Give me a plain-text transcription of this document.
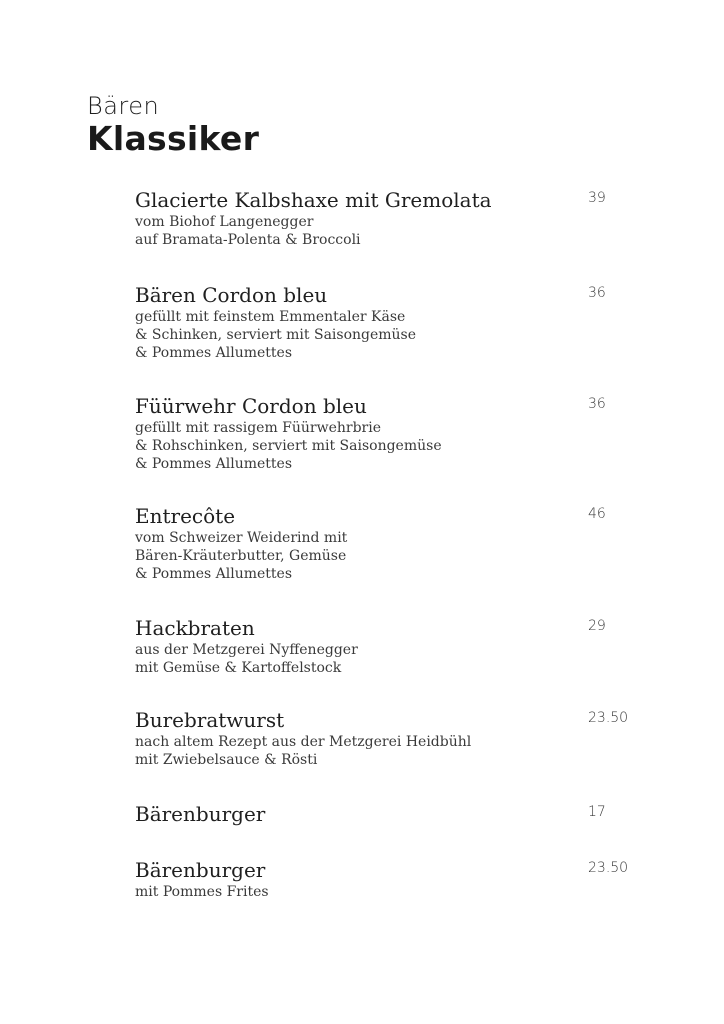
Bären
Klassiker
Glacierte Kalbshaxe mit Gremolata
vom Biohof Langenegger
auf Bramata-Polenta & Broccoli
39
Bären Cordon bleu
gefüllt mit feinstem Emmentaler Käse
& Schinken, serviert mit Saisongemüse
& Pommes Allumettes
36
Füürwehr Cordon bleu
gefüllt mit rassigem Füürwehrbrie
& Rohschinken, serviert mit Saisongemüse
& Pommes Allumettes
36
Entrecôte
vom Schweizer Weiderind mit
Bären-Kräuterbutter, Gemüse
& Pommes Allumettes
46
Hackbraten
aus der Metzgerei Nyffenegger
mit Gemüse & Kartoffelstock
29
Burebratwurst
nach altem Rezept aus der Metzgerei Heidbühl
mit Zwiebelsauce & Rösti
23.50
Bärenburger	17
Bärenburger
mit Pommes Frites
23.50
